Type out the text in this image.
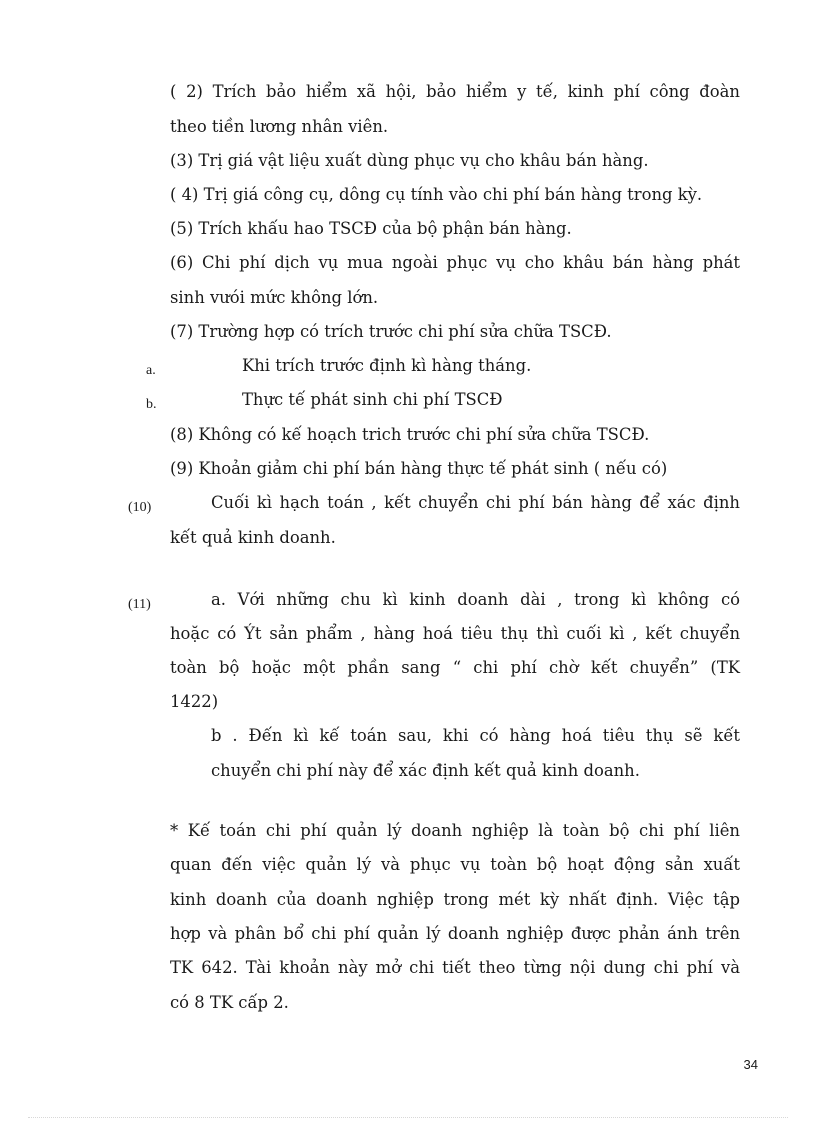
( 2) Trích bảo hiểm xã hội, bảo hiểm y tế, kinh phí công đoàn
theo tiền lương nhân viên.
(3) Trị giá vật liệu xuất dùng phục vụ cho khâu bán hàng.
( 4) Trị giá công cụ, dông cụ tính vào chi phí bán hàng trong kỳ.
(5) Trích khấu hao TSCĐ của bộ phận bán hàng.
(6) Chi phí dịch vụ mua ngoài phục vụ cho khâu bán hàng phát
sinh vưói mức không lớn.
(7) Trường hợp có trích trước chi phí sửa chữa TSCĐ.
a.	Khi trích trước định kì hàng tháng.
b.	Thực tế phát sinh chi phí TSCĐ
(8) Không có kế hoạch trich trước chi phí sửa chữa TSCĐ.
(9) Khoản giảm chi phí bán hàng thực tế phát sinh ( nếu có)
(10)	Cuối kì hạch toán , kết chuyển chi phí bán hàng để xác định
kết quả kinh doanh.
(11)	a. Với những chu kì kinh doanh dài , trong kì không có
hoặc có Ýt sản phẩm , hàng hoá tiêu thụ thì cuối kì , kết chuyển
toàn bộ hoặc một phần sang “ chi phí chờ kết chuyển” (TK
1422)
b . Đến kì kế toán sau, khi có hàng hoá tiêu thụ sẽ kết
chuyển chi phí này để xác định kết quả kinh doanh.
* Kế toán chi phí quản lý doanh nghiệp là toàn bộ chi phí liên
quan đến việc quản lý và phục vụ toàn bộ hoạt động sản xuất
kinh doanh của doanh nghiệp trong mét kỳ nhất định. Việc tập
hợp và phân bổ chi phí quản lý doanh nghiệp được phản ánh trên
TK 642. Tài khoản này mở chi tiết theo từng nội dung chi phí và
có 8 TK cấp 2.
34
